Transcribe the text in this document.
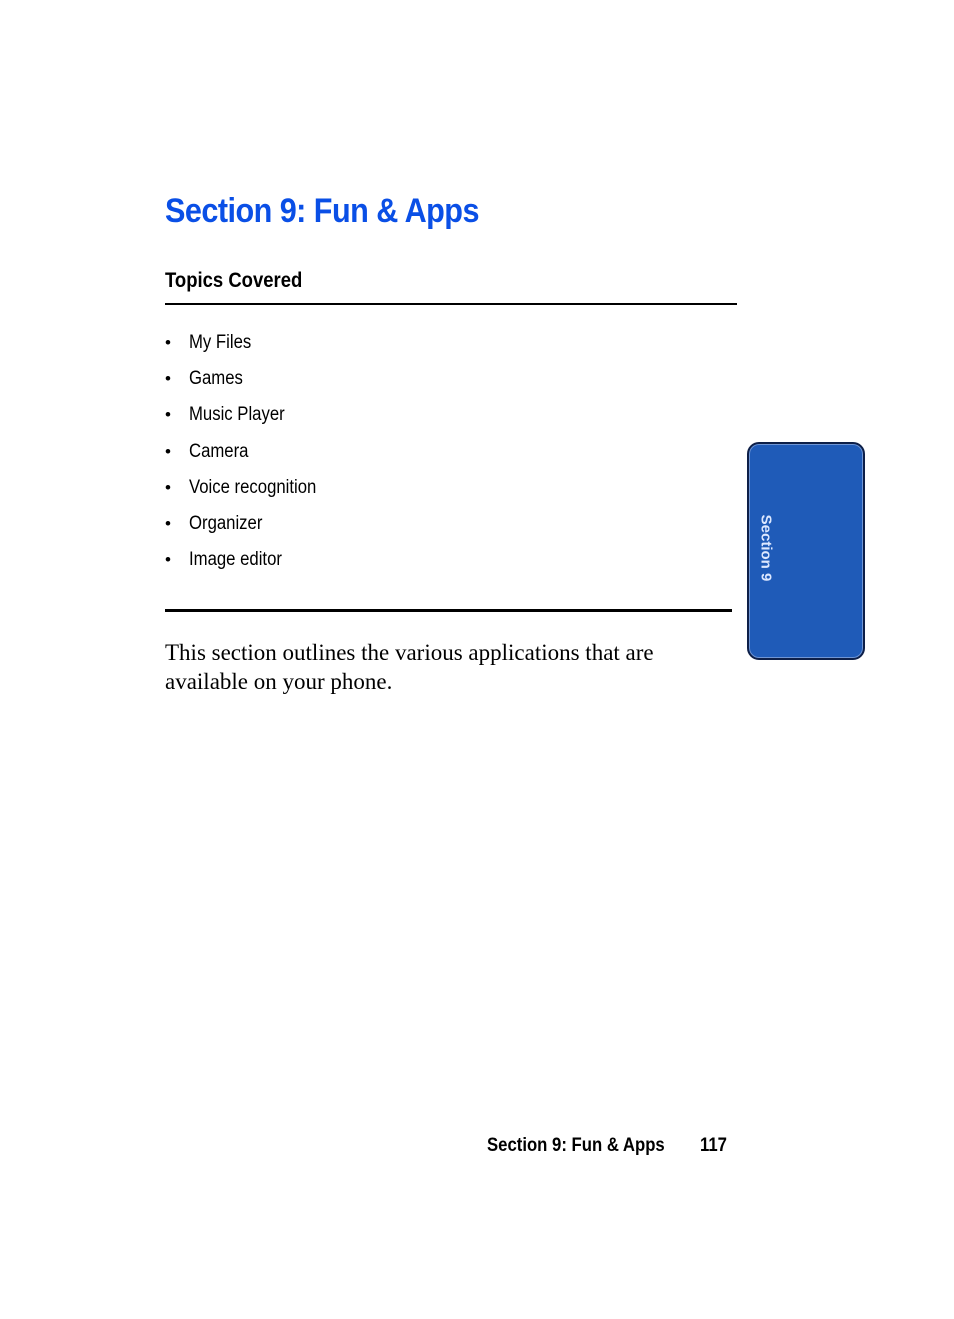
Section 9: Fun & Apps
Topics Covered
• My Files
• Games
• Music Player
• Camera
• Voice recognition
• Organizer
• Image editor

This section outlines the various applications that are available on your phone.

Section 9
Section 9: Fun & Apps 117
